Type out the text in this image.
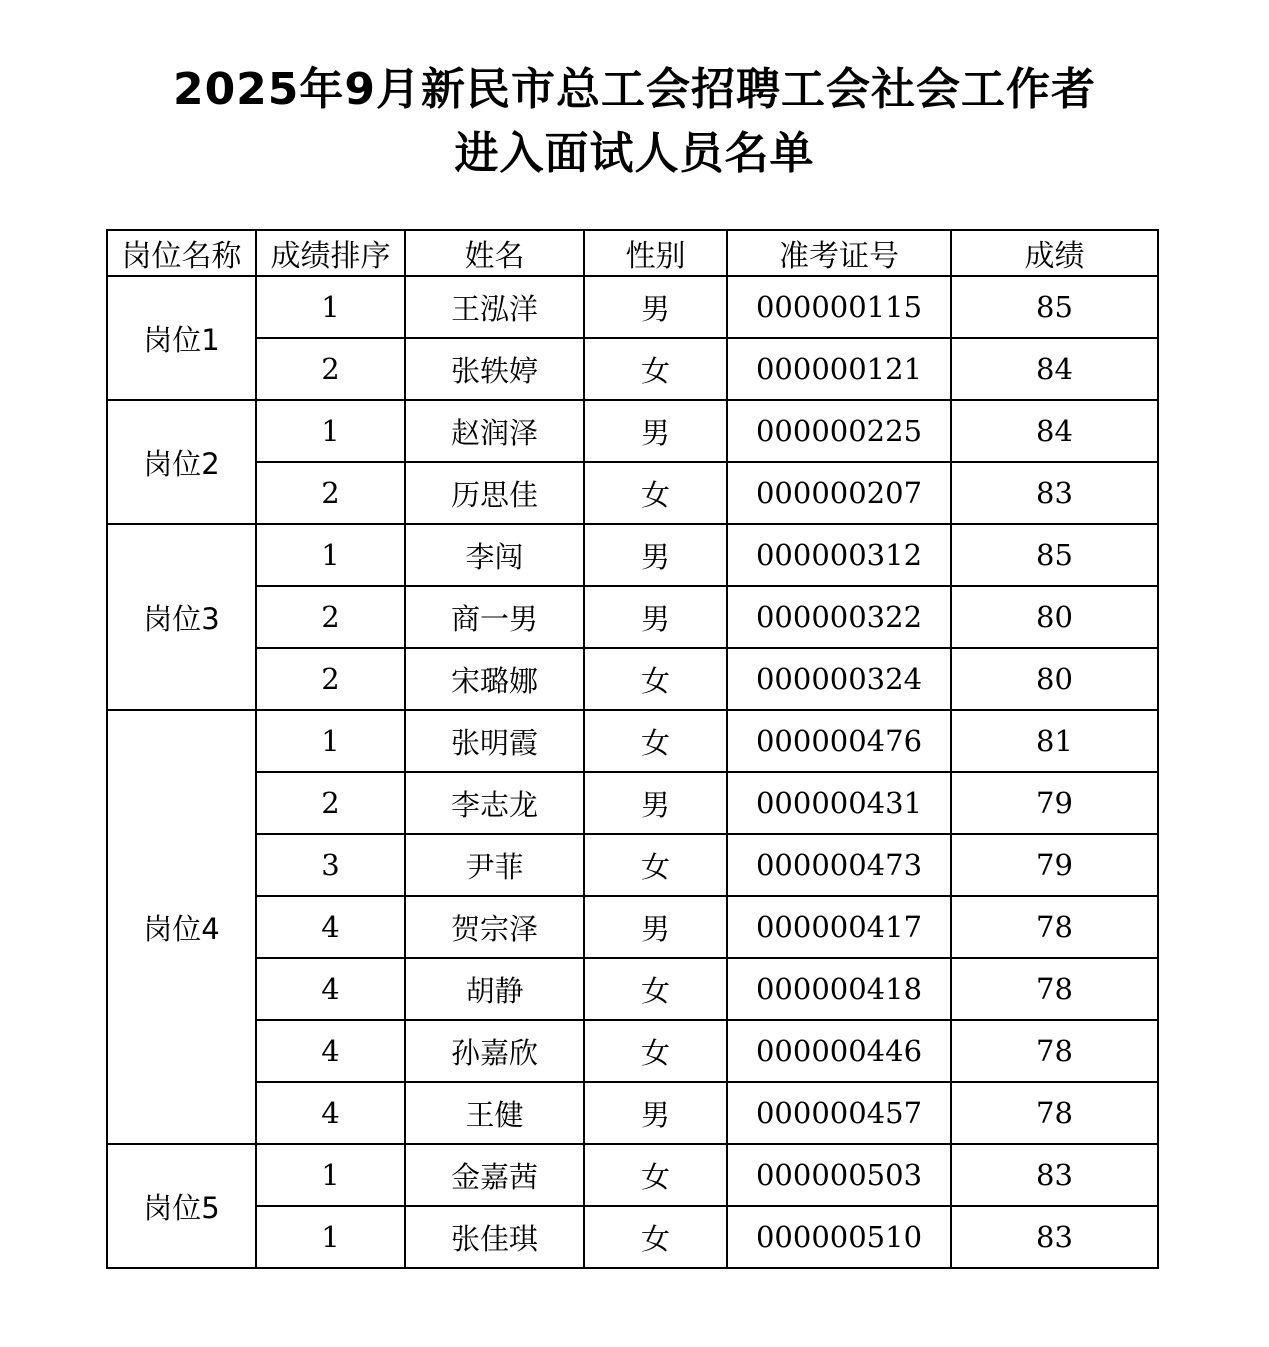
2025年9月新民市总工会招聘工会社会工作者
进入面试人员名单
岗位名称	成绩排序	姓名	性别	准考证号	成绩
岗位1	1	王泓洋	男	000000115	85
	2	张轶婷	女	000000121	84
岗位2	1	赵润泽	男	000000225	84
	2	历思佳	女	000000207	83
岗位3	1	李闯	男	000000312	85
	2	商一男	男	000000322	80
	2	宋璐娜	女	000000324	80
岗位4	1	张明霞	女	000000476	81
	2	李志龙	男	000000431	79
	3	尹菲	女	000000473	79
	4	贺宗泽	男	000000417	78
	4	胡静	女	000000418	78
	4	孙嘉欣	女	000000446	78
	4	王健	男	000000457	78
岗位5	1	金嘉茜	女	000000503	83
	1	张佳琪	女	000000510	83
